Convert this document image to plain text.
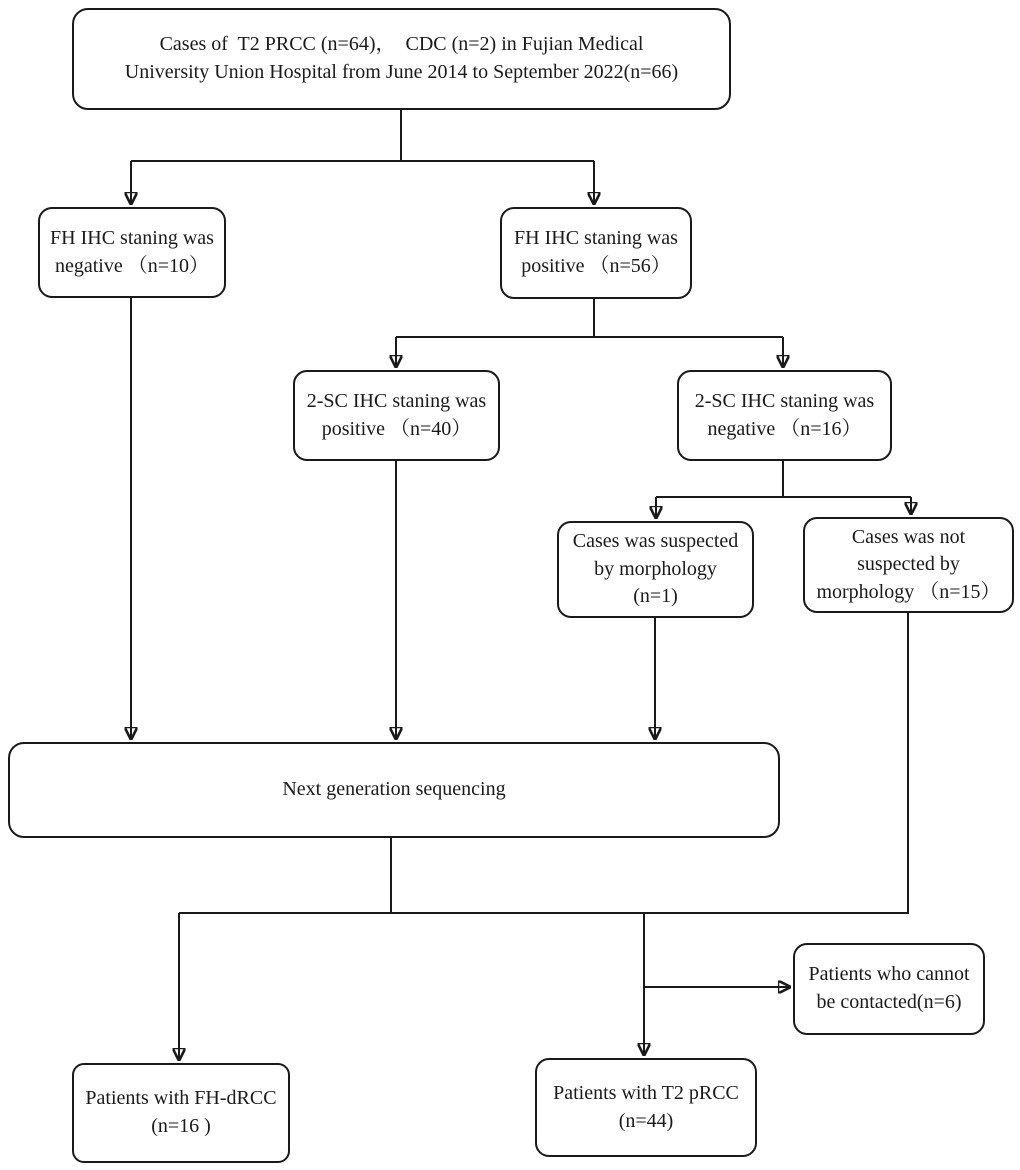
Cases of  T2 PRCC (n=64)，  CDC (n=2) in Fujian Medical
University Union Hospital from June 2014 to September 2022(n=66)
FH IHC staning was
negative （n=10）
FH IHC staning was
positive （n=56）
2-SC IHC staning was
positive （n=40）
2-SC IHC staning was
negative （n=16）
Cases was suspected
by morphology
(n=1)
Cases was not
suspected by
morphology （n=15）
Next generation sequencing
Patients who cannot
be contacted(n=6)
Patients with FH-dRCC
(n=16 )
Patients with T2 pRCC
(n=44)
